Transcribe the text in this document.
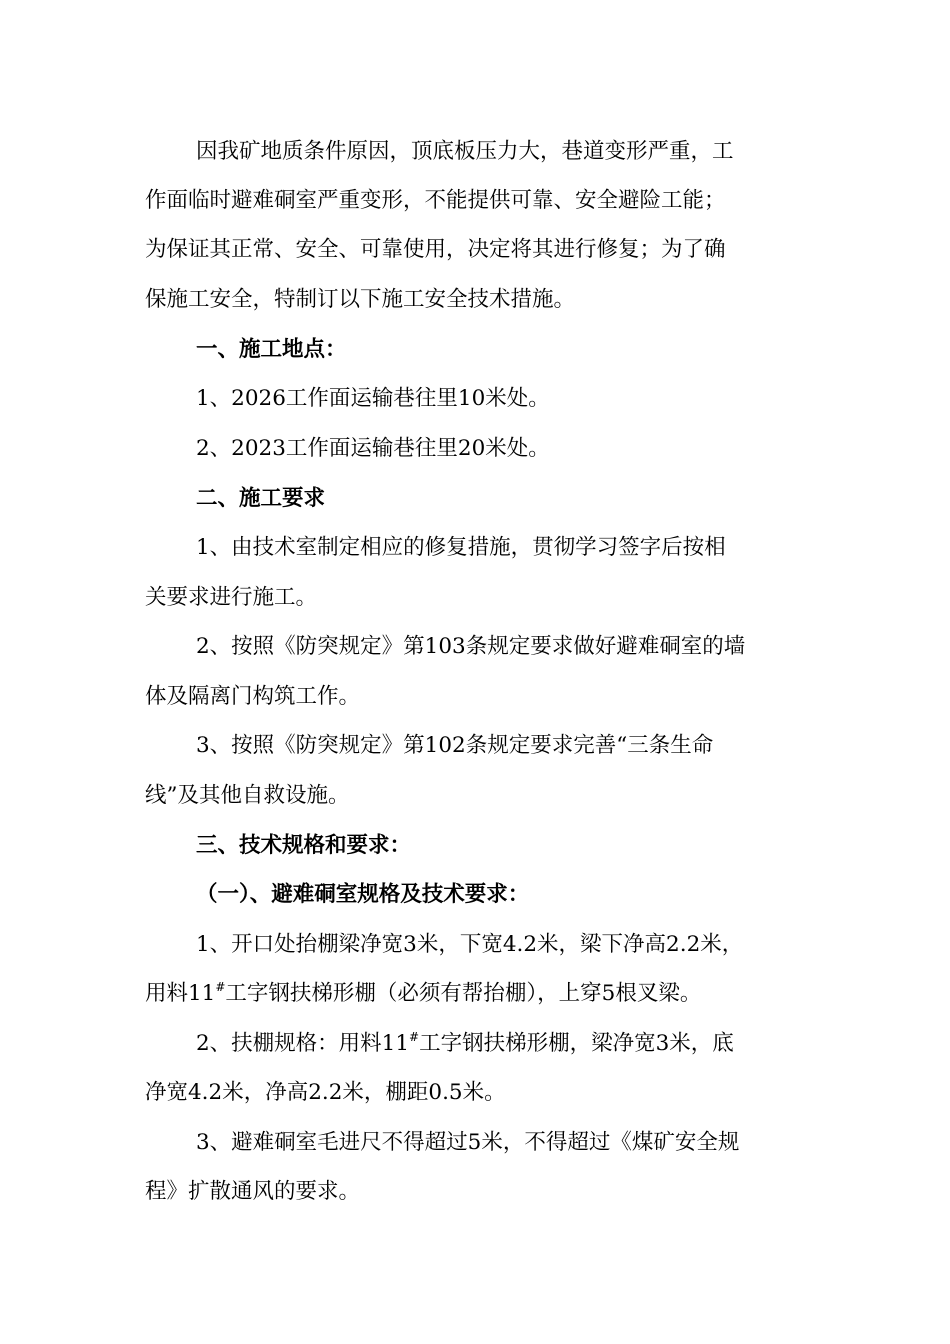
因我矿地质条件原因，顶底板压力大，巷道变形严重，工
作面临时避难硐室严重变形，不能提供可靠、安全避险工能；
为保证其正常、安全、可靠使用，决定将其进行修复；为了确
保施工安全，特制订以下施工安全技术措施。
一、施工地点：
1、2026工作面运输巷往里10米处。
2、2023工作面运输巷往里20米处。
二、施工要求
1、由技术室制定相应的修复措施，贯彻学习签字后按相
关要求进行施工。
2、按照《防突规定》第103条规定要求做好避难硐室的墙
体及隔离门构筑工作。
3、按照《防突规定》第102条规定要求完善“三条生命
线”及其他自救设施。
三、技术规格和要求：
（一）、避难硐室规格及技术要求：
1、开口处抬棚梁净宽3米，下宽4.2米，梁下净高2.2米，
用料11#工字钢扶梯形棚（必须有帮抬棚），上穿5根叉梁。
2、扶棚规格：用料11#工字钢扶梯形棚，梁净宽3米，底
净宽4.2米，净高2.2米，棚距0.5米。
3、避难硐室毛进尺不得超过5米，不得超过《煤矿安全规
程》扩散通风的要求。
